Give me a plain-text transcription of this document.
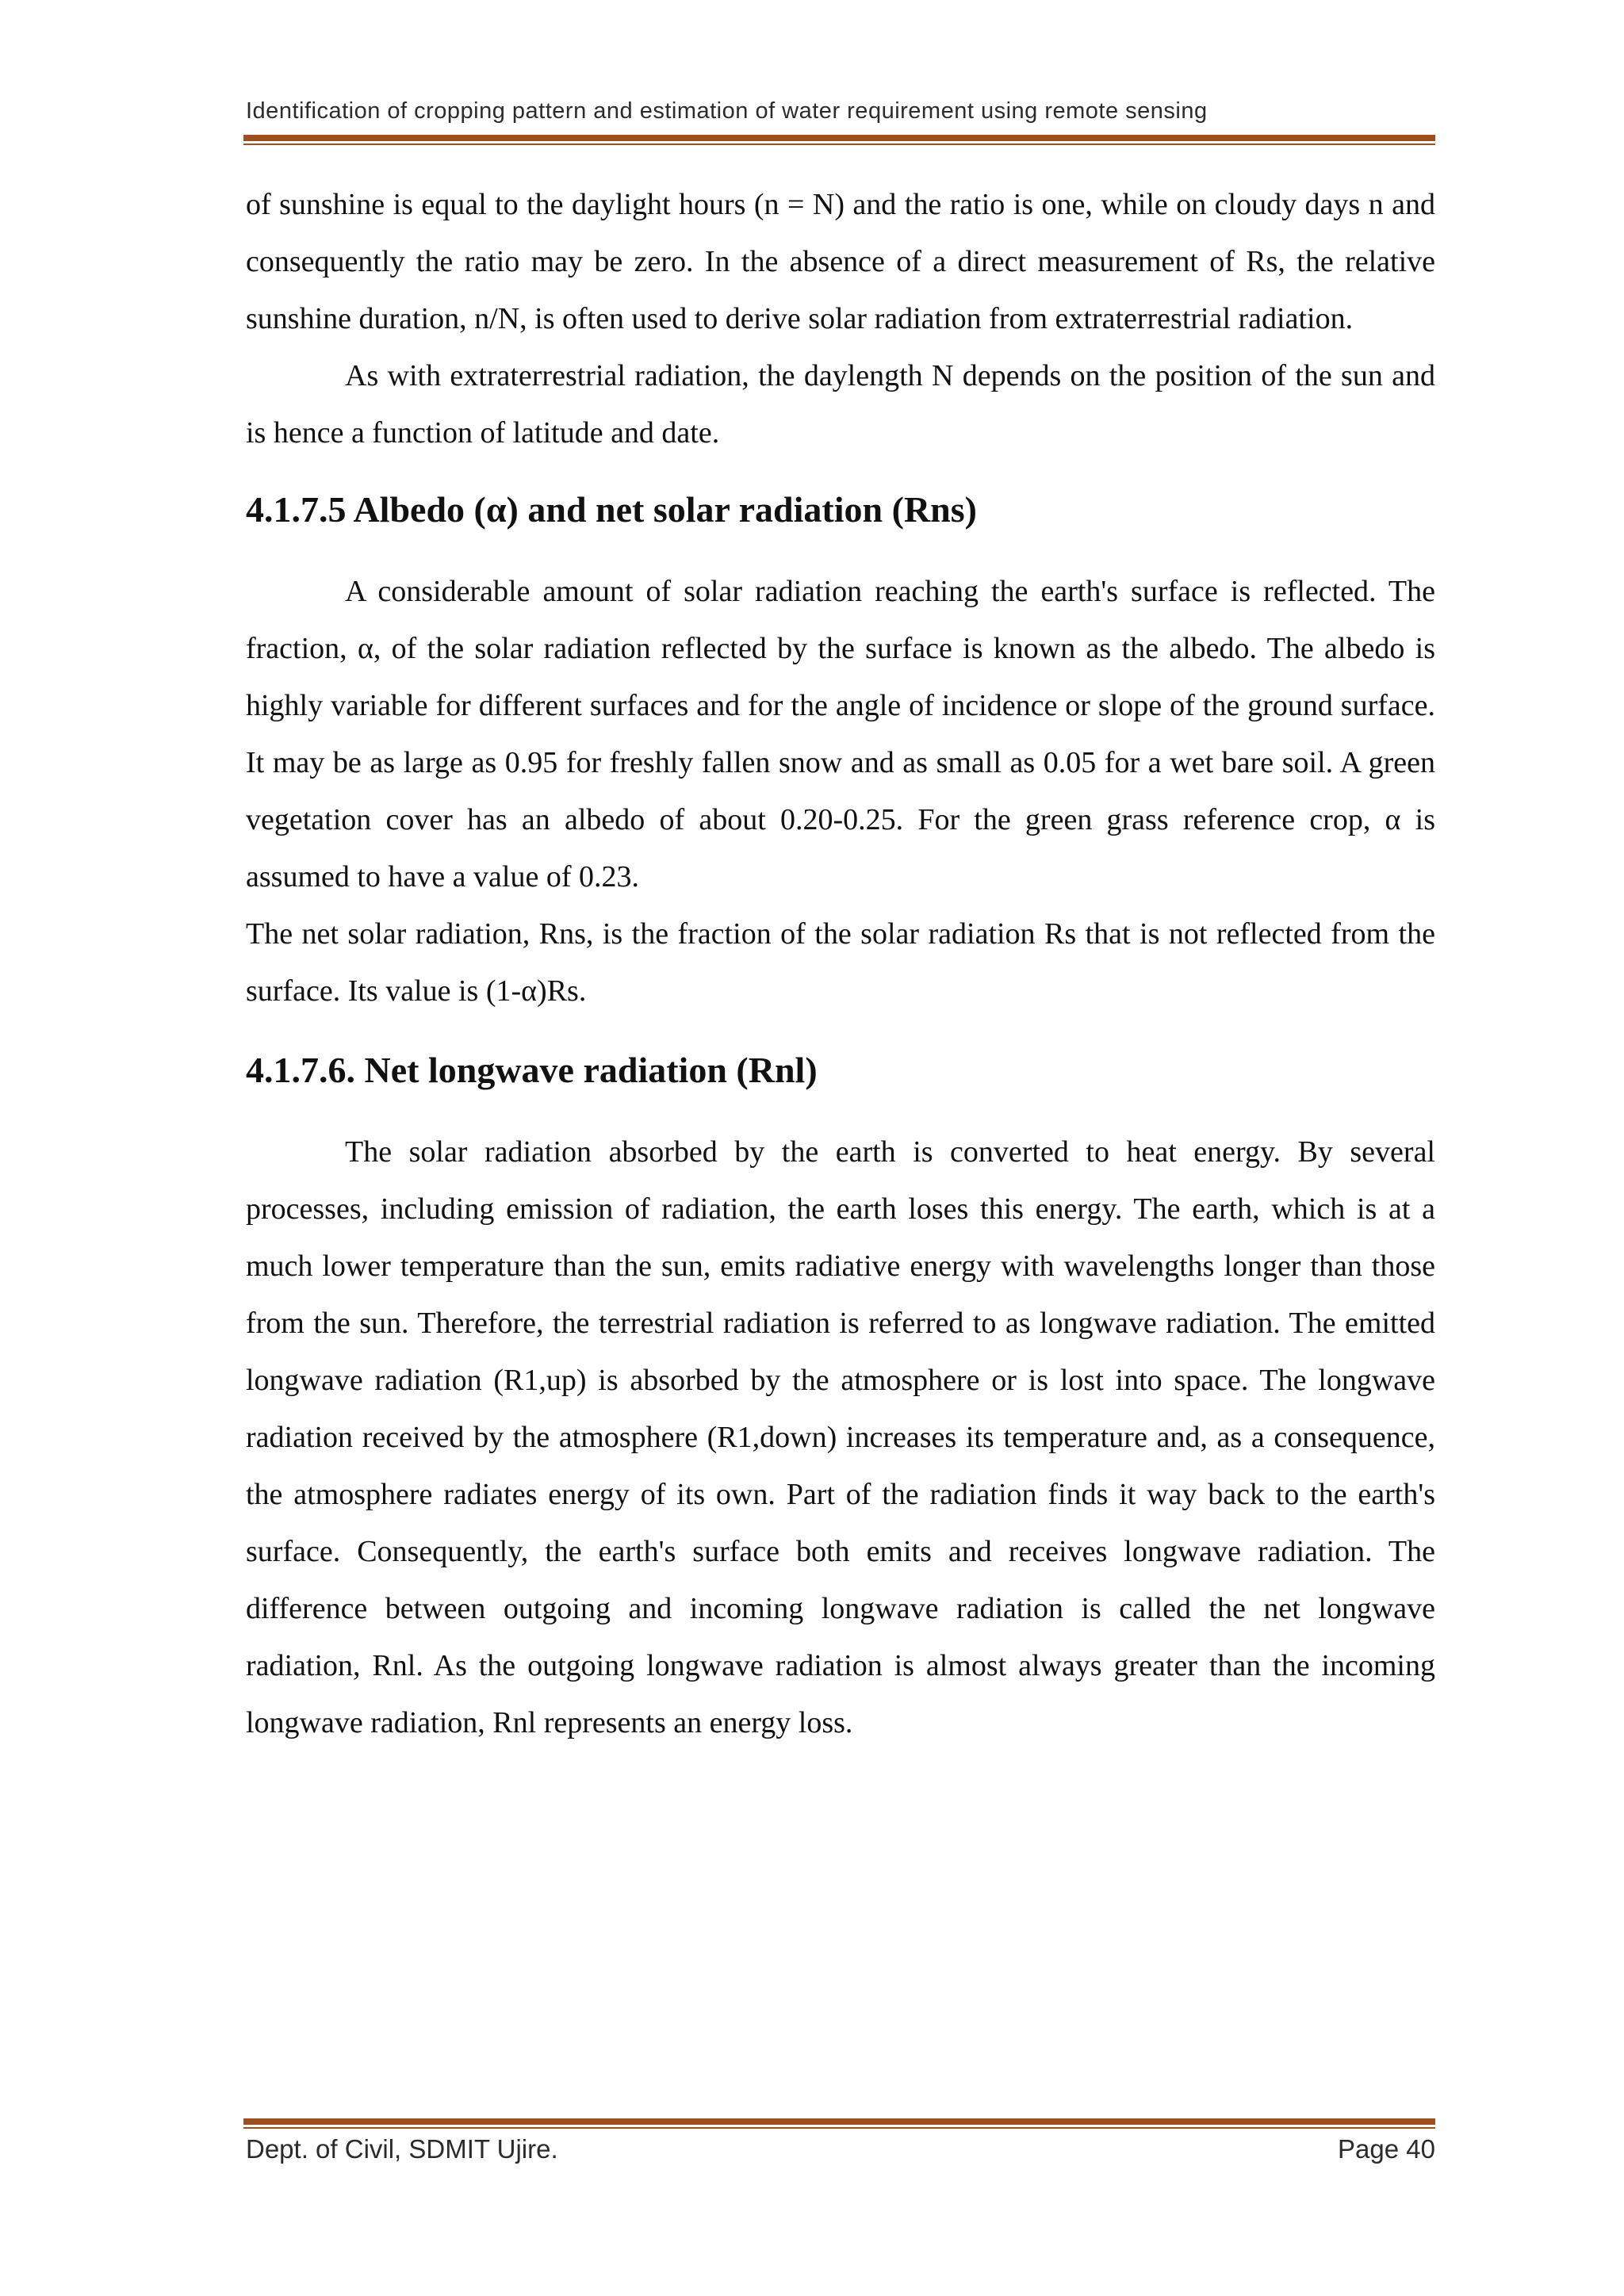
Identification of cropping pattern and estimation of water requirement using remote sensing

of sunshine is equal to the daylight hours (n = N) and the ratio is one, while on cloudy days n and consequently the ratio may be zero. In the absence of a direct measurement of Rs, the relative sunshine duration, n/N, is often used to derive solar radiation from extraterrestrial radiation.

As with extraterrestrial radiation, the daylength N depends on the position of the sun and is hence a function of latitude and date.

4.1.7.5 Albedo (α) and net solar radiation (Rns)

A considerable amount of solar radiation reaching the earth's surface is reflected. The fraction, α, of the solar radiation reflected by the surface is known as the albedo. The albedo is highly variable for different surfaces and for the angle of incidence or slope of the ground surface. It may be as large as 0.95 for freshly fallen snow and as small as 0.05 for a wet bare soil. A green vegetation cover has an albedo of about 0.20-0.25. For the green grass reference crop, α is assumed to have a value of 0.23.

The net solar radiation, Rns, is the fraction of the solar radiation Rs that is not reflected from the surface. Its value is (1-α)Rs.

4.1.7.6. Net longwave radiation (Rnl)

The solar radiation absorbed by the earth is converted to heat energy. By several processes, including emission of radiation, the earth loses this energy. The earth, which is at a much lower temperature than the sun, emits radiative energy with wavelengths longer than those from the sun. Therefore, the terrestrial radiation is referred to as longwave radiation. The emitted longwave radiation (R1,up) is absorbed by the atmosphere or is lost into space. The longwave radiation received by the atmosphere (R1,down) increases its temperature and, as a consequence, the atmosphere radiates energy of its own. Part of the radiation finds it way back to the earth's surface. Consequently, the earth's surface both emits and receives longwave radiation. The difference between outgoing and incoming longwave radiation is called the net longwave radiation, Rnl. As the outgoing longwave radiation is almost always greater than the incoming longwave radiation, Rnl represents an energy loss.

Dept. of Civil, SDMIT Ujire.	Page 40
